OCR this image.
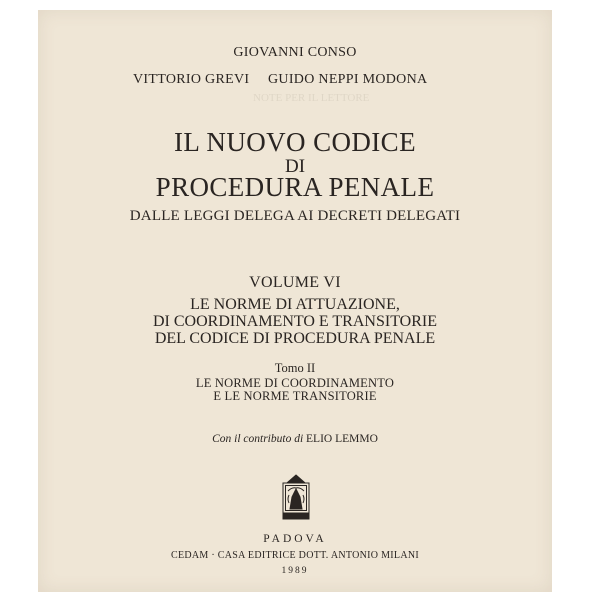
NOTE PER IL LETTORE

GIOVANNI CONSO
VITTORIO GREVI GUIDO NEPPI MODONA
IL NUOVO CODICE
DI
PROCEDURA PENALE
DALLE LEGGI DELEGA AI DECRETI DELEGATI
VOLUME VI
LE NORME DI ATTUAZIONE,
DI COORDINAMENTO E TRANSITORIE
DEL CODICE DI PROCEDURA PENALE
Tomo II
LE NORME DI COORDINAMENTO
E LE NORME TRANSITORIE
Con il contributo di ELIO LEMMO
PADOVA
CEDAM · CASA EDITRICE DOTT. ANTONIO MILANI
1989
